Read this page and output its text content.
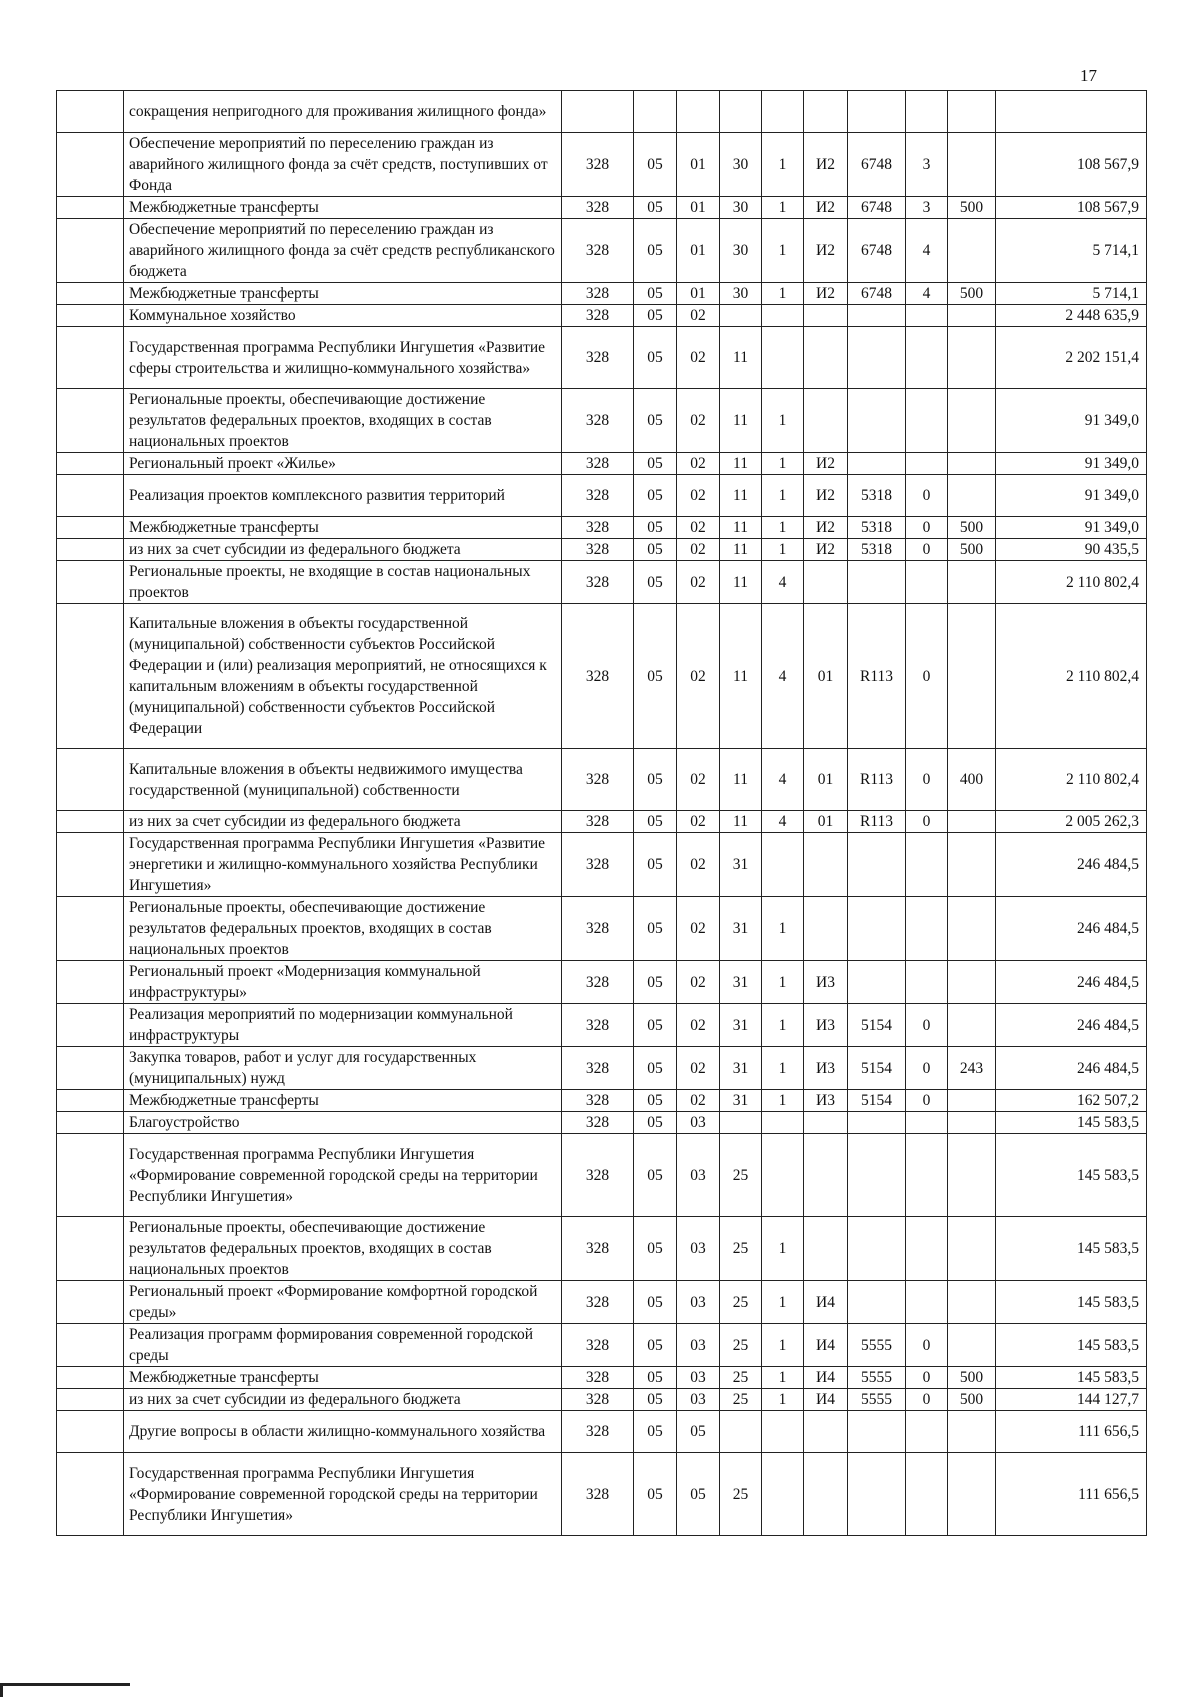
17
	сокращения непригодного для проживания жилищного фонда»										
	Обеспечение мероприятий по переселению граждан из аварийного жилищного фонда за счёт средств, поступивших от Фонда	328	05	01	30	1	И2	6748	3		108 567,9
	Межбюджетные трансферты	328	05	01	30	1	И2	6748	3	500	108 567,9
	Обеспечение мероприятий по переселению граждан из аварийного жилищного фонда за счёт средств республиканского бюджета	328	05	01	30	1	И2	6748	4		5 714,1
	Межбюджетные трансферты	328	05	01	30	1	И2	6748	4	500	5 714,1
	Коммунальное хозяйство	328	05	02							2 448 635,9
	Государственная программа Республики Ингушетия «Развитие сферы строительства и жилищно-коммунального хозяйства»	328	05	02	11						2 202 151,4
	Региональные проекты, обеспечивающие достижение результатов федеральных проектов, входящих в состав национальных проектов	328	05	02	11	1					91 349,0
	Региональный проект «Жилье»	328	05	02	11	1	И2				91 349,0
	Реализация проектов комплексного развития территорий	328	05	02	11	1	И2	5318	0		91 349,0
	Межбюджетные трансферты	328	05	02	11	1	И2	5318	0	500	91 349,0
	из них за счет субсидии из федерального бюджета	328	05	02	11	1	И2	5318	0	500	90 435,5
	Региональные проекты, не входящие в состав национальных проектов	328	05	02	11	4					2 110 802,4
	Капитальные вложения в объекты государственной (муниципальной) собственности субъектов Российской Федерации и (или) реализация мероприятий, не относящихся к капитальным вложениям в объекты государственной (муниципальной) собственности субъектов Российской Федерации	328	05	02	11	4	01	R113	0		2 110 802,4
	Капитальные вложения в объекты недвижимого имущества государственной (муниципальной) собственности	328	05	02	11	4	01	R113	0	400	2 110 802,4
	из них за счет субсидии из федерального бюджета	328	05	02	11	4	01	R113	0		2 005 262,3
	Государственная программа Республики Ингушетия «Развитие энергетики и жилищно-коммунального хозяйства Республики Ингушетия»	328	05	02	31						246 484,5
	Региональные проекты, обеспечивающие достижение результатов федеральных проектов, входящих в состав национальных проектов	328	05	02	31	1					246 484,5
	Региональный проект «Модернизация коммунальной инфраструктуры»	328	05	02	31	1	И3				246 484,5
	Реализация мероприятий по модернизации коммунальной инфраструктуры	328	05	02	31	1	И3	5154	0		246 484,5
	Закупка товаров, работ и услуг для государственных (муниципальных) нужд	328	05	02	31	1	И3	5154	0	243	246 484,5
	Межбюджетные трансферты	328	05	02	31	1	И3	5154	0		162 507,2
	Благоустройство	328	05	03							145 583,5
	Государственная программа Республики Ингушетия «Формирование современной городской среды на территории Республики Ингушетия»	328	05	03	25						145 583,5
	Региональные проекты, обеспечивающие достижение результатов федеральных проектов, входящих в состав национальных проектов	328	05	03	25	1					145 583,5
	Региональный проект «Формирование комфортной городской среды»	328	05	03	25	1	И4				145 583,5
	Реализация программ формирования современной городской среды	328	05	03	25	1	И4	5555	0		145 583,5
	Межбюджетные трансферты	328	05	03	25	1	И4	5555	0	500	145 583,5
	из них за счет субсидии из федерального бюджета	328	05	03	25	1	И4	5555	0	500	144 127,7
	Другие вопросы в области жилищно-коммунального хозяйства	328	05	05							111 656,5
	Государственная программа Республики Ингушетия «Формирование современной городской среды на территории Республики Ингушетия»	328	05	05	25						111 656,5
